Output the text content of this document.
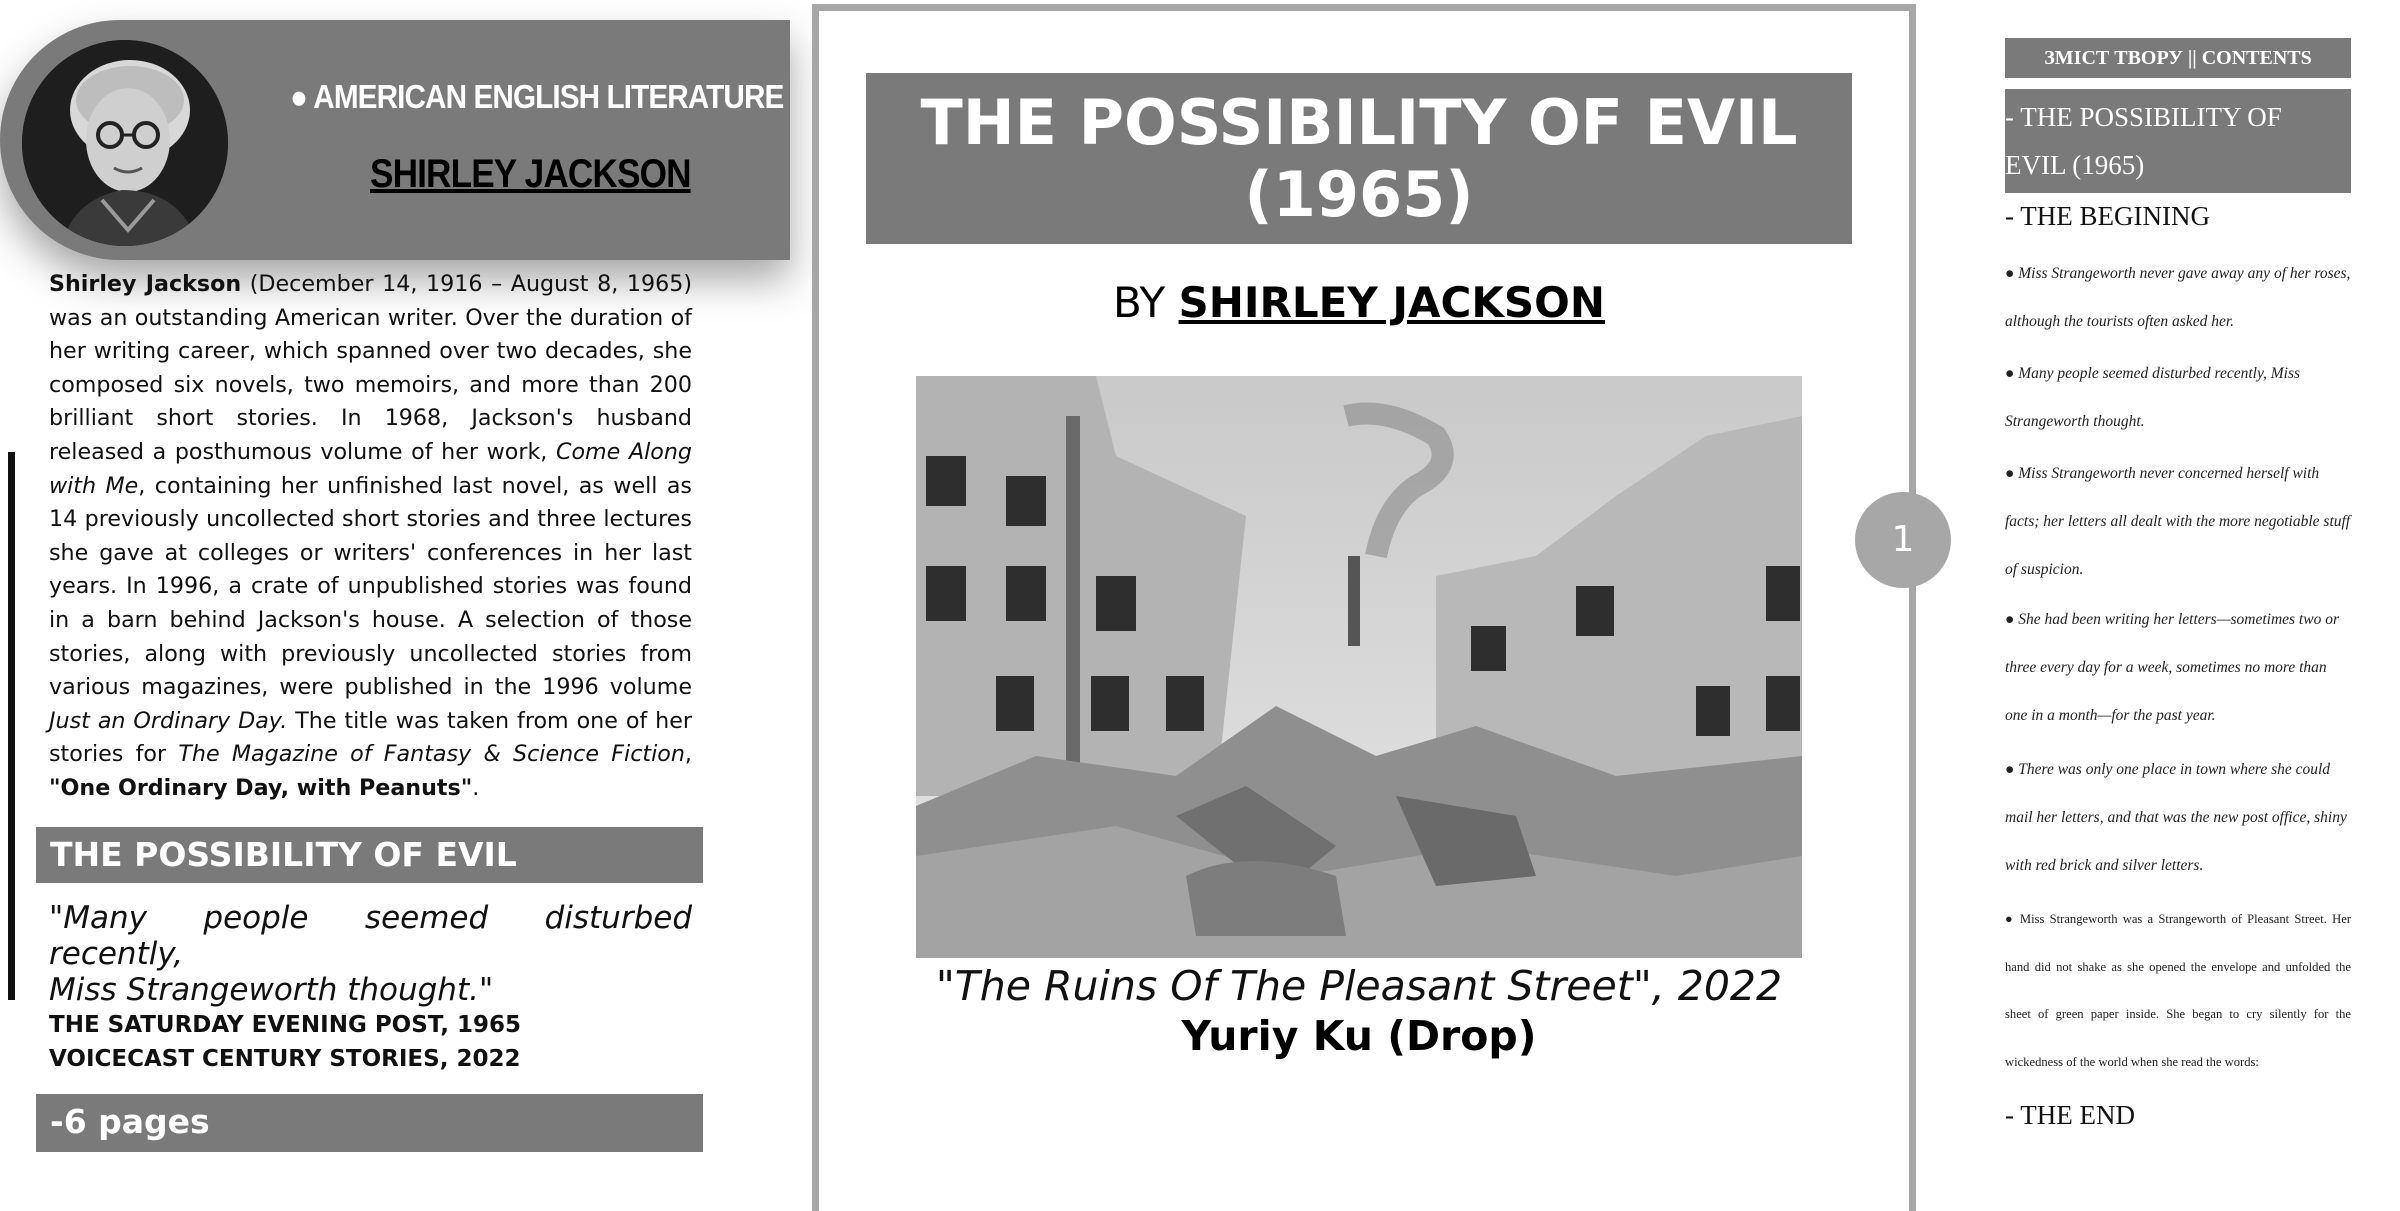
● AMERICAN ENGLISH LITERATURE
SHIRLEY JACKSON
Shirley Jackson (December 14, 1916 – August 8, 1965) was an outstanding American writer. Over the duration of her writing career, which spanned over two decades, she composed six novels, two memoirs, and more than 200 brilliant short stories. In 1968, Jackson's husband released a posthumous volume of her work, Come Along with Me, containing her unfinished last novel, as well as 14 previously uncollected short stories and three lectures she gave at colleges or writers' conferences in her last years. In 1996, a crate of unpublished stories was found in a barn behind Jackson's house. A selection of those stories, along with previously uncollected stories from various magazines, were published in the 1996 volume Just an Ordinary Day. The title was taken from one of her stories for The Magazine of Fantasy & Science Fiction, "One Ordinary Day, with Peanuts".
THE POSSIBILITY OF EVIL
"Many people seemed disturbed recently,
Miss Strangeworth thought."
THE SATURDAY EVENING POST, 1965
VOICECAST CENTURY STORIES, 2022
-6 pages
THE POSSIBILITY OF EVIL
(1965)
BY SHIRLEY JACKSON
"The Ruins Of The Pleasant Street", 2022
Yuriy Ku (Drop)
1
ЗМІСТ ТВОРУ || CONTENTS
- THE POSSIBILITY OF
EVIL (1965)
- THE BEGINING
● Miss Strangeworth never gave away any of her roses, although the tourists often asked her.
● Many people seemed disturbed recently, Miss Strangeworth thought.
● Miss Strangeworth never concerned herself with facts; her letters all dealt with the more negotiable stuff of suspicion.
● She had been writing her letters—sometimes two or three every day for a week, sometimes no more than one in a month—for the past year.
● There was only one place in town where she could mail her letters, and that was the new post office, shiny with red brick and silver letters.
● Miss Strangeworth was a Strangeworth of Pleasant Street. Her hand did not shake as she opened the envelope and unfolded the sheet of green paper inside. She began to cry silently for the wickedness of the world when she read the words:
- THE END
